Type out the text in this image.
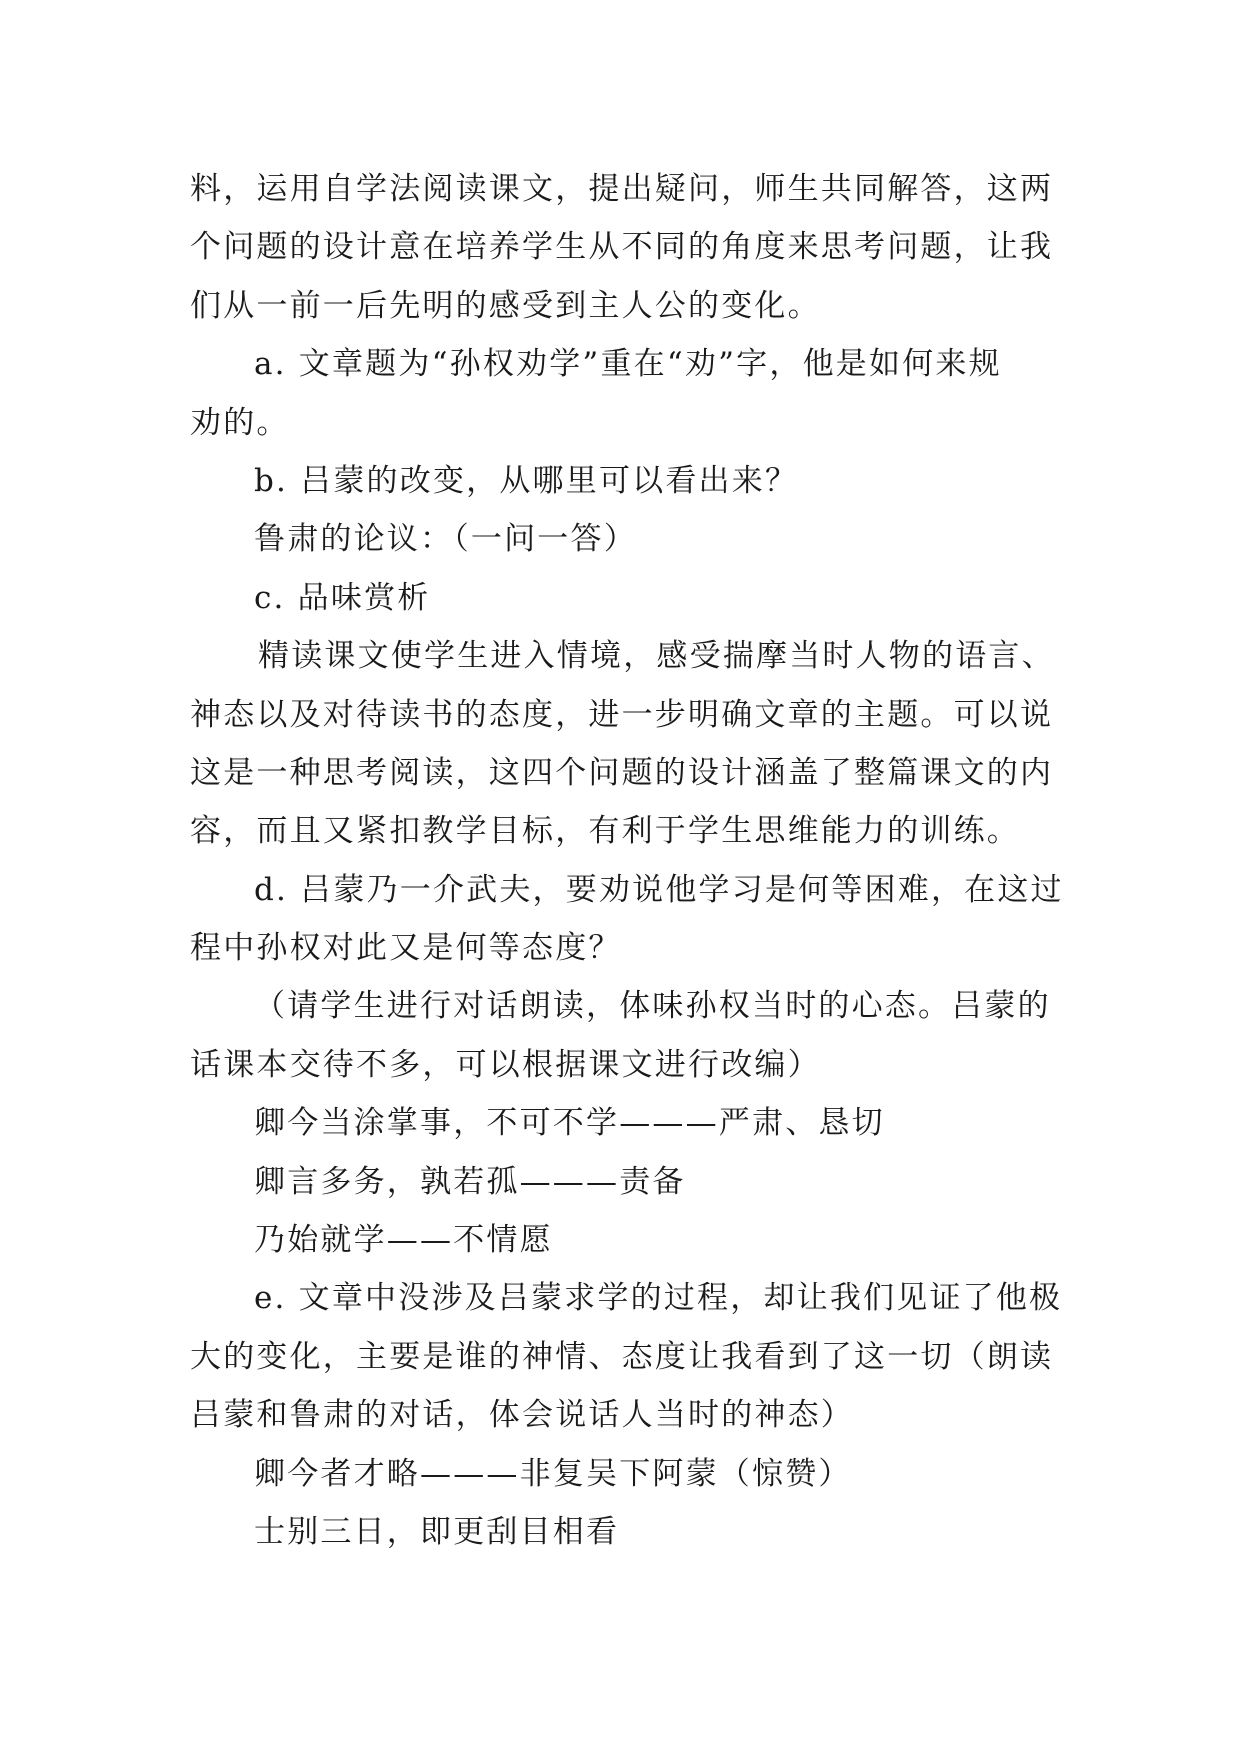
料，运用自学法阅读课文，提出疑问，师生共同解答，这两
个问题的设计意在培养学生从不同的角度来思考问题，让我
们从一前一后先明的感受到主人公的变化。
a. 文章题为“孙权劝学”重在“劝”字，他是如何来规
劝的。
b. 吕蒙的改变，从哪里可以看出来？
鲁肃的论议：（一问一答）
c. 品味赏析
精读课文使学生进入情境，感受揣摩当时人物的语言、
神态以及对待读书的态度，进一步明确文章的主题。可以说
这是一种思考阅读，这四个问题的设计涵盖了整篇课文的内
容，而且又紧扣教学目标，有利于学生思维能力的训练。
d. 吕蒙乃一介武夫，要劝说他学习是何等困难，在这过
程中孙权对此又是何等态度？
（请学生进行对话朗读，体味孙权当时的心态。吕蒙的
话课本交待不多，可以根据课文进行改编）
卿今当涂掌事，不可不学———严肃、恳切
卿言多务，孰若孤———责备
乃始就学——不情愿
e. 文章中没涉及吕蒙求学的过程，却让我们见证了他极
大的变化，主要是谁的神情、态度让我看到了这一切（朗读
吕蒙和鲁肃的对话，体会说话人当时的神态）
卿今者才略———非复吴下阿蒙（惊赞）
士别三日，即更刮目相看
